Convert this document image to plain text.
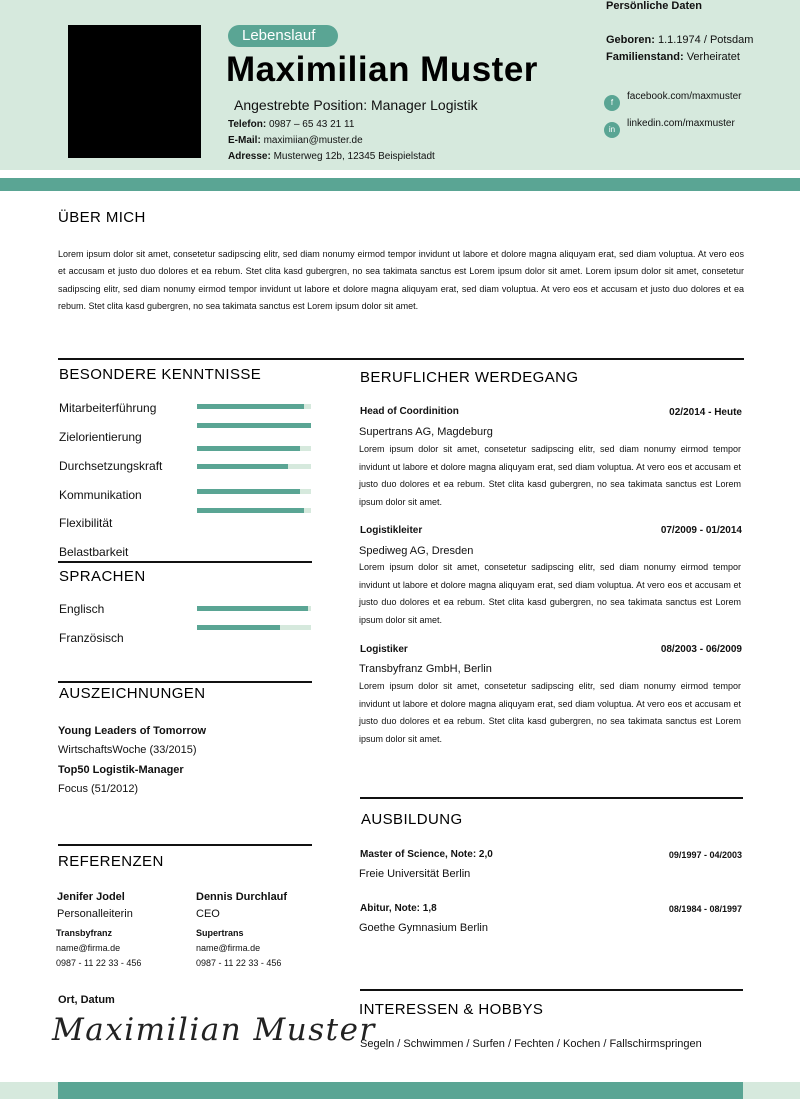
Lebenslauf
Maximilian Muster
Angestrebte Position: Manager Logistik
Telefon: 0987 – 65 43 21 11
E-Mail: maximiian@muster.de
Adresse: Musterweg 12b, 12345 Beispielstadt
Persönliche Daten
Geboren: 1.1.1974 / Potsdam
Familienstand: Verheiratet
f
facebook.com/maxmuster
in
linkedin.com/maxmuster
ÜBER MICH
Lorem ipsum dolor sit amet, consetetur sadipscing elitr, sed diam nonumy eirmod tempor invidunt ut labore et dolore magna aliquyam erat, sed diam voluptua. At vero eos et accusam et justo duo dolores et ea rebum. Stet clita kasd gubergren, no sea takimata sanctus est Lorem ipsum dolor sit amet. Lorem ipsum dolor sit amet, consetetur sadipscing elitr, sed diam nonumy eirmod tempor invidunt ut labore et dolore magna aliquyam erat, sed diam voluptua. At vero eos et accusam et justo duo dolores et ea rebum. Stet clita kasd gubergren, no sea takimata sanctus est Lorem ipsum dolor sit amet.
BESONDERE KENNTNISSE
Mitarbeiterführung
Zielorientierung
Durchsetzungskraft
Kommunikation
Flexibilität
Belastbarkeit
SPRACHEN
Englisch
Französisch
AUSZEICHNUNGEN
Young Leaders of Tomorrow
WirtschaftsWoche (33/2015)
Top50 Logistik-Manager
Focus (51/2012)
REFERENZEN
Jenifer Jodel
Personalleiterin
Dennis Durchlauf
CEO
Transbyfranz
name@firma.de
0987 - 11 22 33 - 456
Supertrans
name@firma.de
0987 - 11 22 33 - 456
Ort, Datum
Maximilian Muster
BERUFLICHER WERDEGANG
Head of Coordinition	02/2014 - Heute
Supertrans AG, Magdeburg
Lorem ipsum dolor sit amet, consetetur sadipscing elitr, sed diam nonumy eirmod tempor invidunt ut labore et dolore magna aliquyam erat, sed diam voluptua. At vero eos et accusam et justo duo dolores et ea rebum. Stet clita kasd gubergren, no sea takimata sanctus est Lorem ipsum dolor sit amet.
Logistikleiter	07/2009 - 01/2014
Spediweg AG, Dresden
Lorem ipsum dolor sit amet, consetetur sadipscing elitr, sed diam nonumy eirmod tempor invidunt ut labore et dolore magna aliquyam erat, sed diam voluptua. At vero eos et accusam et justo duo dolores et ea rebum. Stet clita kasd gubergren, no sea takimata sanctus est Lorem ipsum dolor sit amet.
Logistiker	08/2003 - 06/2009
Transbyfranz GmbH, Berlin
Lorem ipsum dolor sit amet, consetetur sadipscing elitr, sed diam nonumy eirmod tempor invidunt ut labore et dolore magna aliquyam erat, sed diam voluptua. At vero eos et accusam et justo duo dolores et ea rebum. Stet clita kasd gubergren, no sea takimata sanctus est Lorem ipsum dolor sit amet.
AUSBILDUNG
Master of Science, Note: 2,0	09/1997 - 04/2003
Freie Universität Berlin
Abitur, Note: 1,8	08/1984 - 08/1997
Goethe Gymnasium Berlin
INTERESSEN & HOBBYS
Segeln / Schwimmen / Surfen / Fechten / Kochen / Fallschirmspringen
